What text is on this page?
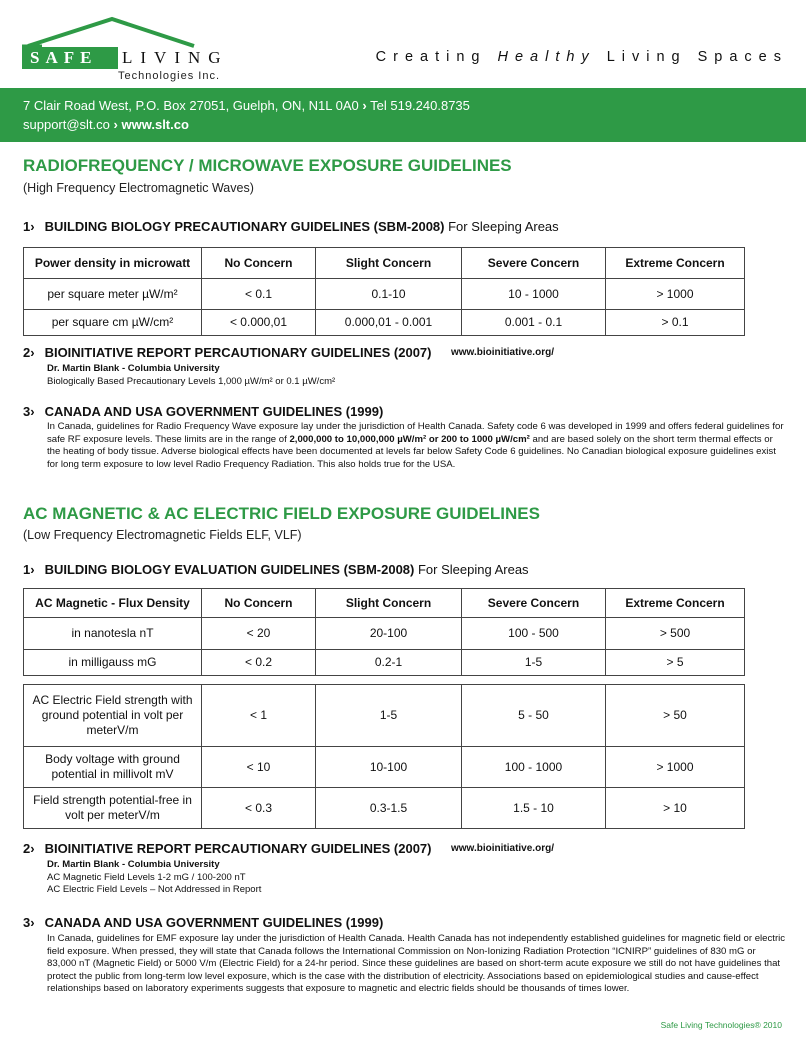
SAFE	LIVING
Technologies Inc.
Creating Healthy Living Spaces
7 Clair Road West, P.O. Box 27051, Guelph, ON, N1L 0A0 › Tel 519.240.8735
support@slt.co › www.slt.co
RADIOFREQUENCY / MICROWAVE EXPOSURE GUIDELINES
(High Frequency Electromagnetic Waves)
1› BUILDING BIOLOGY PRECAUTIONARY GUIDELINES (SBM-2008) For Sleeping Areas
Power density in microwatt	No Concern	Slight Concern	Severe Concern	Extreme Concern
per square meter µW/m²	< 0.1	0.1-10	10 - 1000	> 1000
per square cm µW/cm²	< 0.000,01	0.000,01 - 0.001	0.001 - 0.1	> 0.1
2› BIOINITIATIVE REPORT PERCAUTIONARY GUIDELINES (2007) www.bioinitiative.org/
Dr. Martin Blank - Columbia University
Biologically Based Precautionary Levels 1,000 µW/m² or 0.1 µW/cm²
3› CANADA AND USA GOVERNMENT GUIDELINES (1999)
In Canada, guidelines for Radio Frequency Wave exposure lay under the jurisdiction of Health Canada. Safety code 6 was developed in 1999 and offers federal guidelines for safe RF exposure levels. These limits are in the range of 2,000,000 to 10,000,000 µW/m² or 200 to 1000 µW/cm² and are based solely on the short term thermal effects or the heating of body tissue. Adverse biological effects have been documented at levels far below Safety Code 6 guidelines. No Canadian biological exposure guidelines exist for long term exposure to low level Radio Frequency Radiation. This also holds true for the USA.
AC MAGNETIC & AC ELECTRIC FIELD EXPOSURE GUIDELINES
(Low Frequency Electromagnetic Fields ELF, VLF)
1› BUILDING BIOLOGY EVALUATION GUIDELINES (SBM-2008) For Sleeping Areas
AC Magnetic - Flux Density	No Concern	Slight Concern	Severe Concern	Extreme Concern
in nanotesla nT	< 20	20-100	100 - 500	> 500
in milligauss mG	< 0.2	0.2-1	1-5	> 5
AC Electric Field strength with ground potential in volt per meterV/m
< 1	1-5	5 - 50	> 50
Body voltage with ground potential in millivolt mV
< 10	10-100	100 - 1000	> 1000
Field strength potential-free in volt per meterV/m
< 0.3	0.3-1.5	1.5 - 10	> 10
2› BIOINITIATIVE REPORT PERCAUTIONARY GUIDELINES (2007) www.bioinitiative.org/
Dr. Martin Blank - Columbia University
AC Magnetic Field Levels 1-2 mG / 100-200 nT
AC Electric Field Levels – Not Addressed in Report
3› CANADA AND USA GOVERNMENT GUIDELINES (1999)
In Canada, guidelines for EMF exposure lay under the jurisdiction of Health Canada. Health Canada has not independently established guidelines for magnetic field or electric field exposure. When pressed, they will state that Canada follows the International Commission on Non-Ionizing Radiation Protection “ICNIRP” guidelines of 830 mG or 83,000 nT (Magnetic Field) or 5000 V/m (Electric Field) for a 24-hr period. Since these guidelines are based on short-term acute exposure we still do not have guidelines that protect the public from long-term low level exposure, which is the case with the distribution of electricity. Associations based on epidemiological studies and cause-effect relationships based on laboratory experiments suggests that exposure to magnetic and electric fields should be thousands of times lower.
Safe Living Technologies® 2010
